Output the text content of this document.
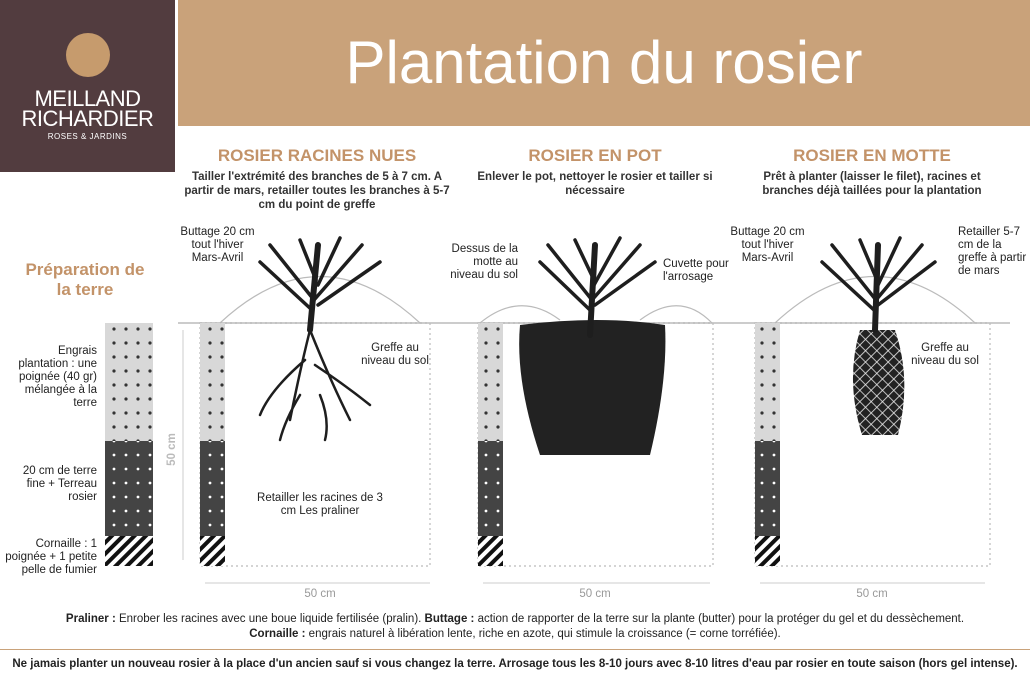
MEILLAND
RICHARDIER
ROSES & JARDINS
Plantation du rosier
ROSIER RACINES NUES
Tailler l'extrémité des branches de 5 à 7 cm. A partir de mars, retailler toutes les branches à 5-7 cm du point de greffe
ROSIER EN POT
Enlever le pot, nettoyer le rosier et tailler si nécessaire
ROSIER EN MOTTE
Prêt à planter (laisser le filet), racines et branches déjà taillées pour la plantation
Préparation de la terre
Engrais plantation : une poignée (40 gr) mélangée à la terre
20 cm de terre fine + Terreau rosier
Cornaille : 1 poignée + 1 petite pelle de fumier
50 cm
Buttage 20 cm tout l'hiver Mars-Avril
Greffe au niveau du sol
Retailler les racines de 3 cm Les praliner
50 cm
Dessus de la motte au niveau du sol
Cuvette pour l'arrosage
50 cm
Buttage 20 cm tout l'hiver Mars-Avril
Retailler 5-7 cm de la greffe à partir de mars
Greffe au niveau du sol
50 cm
Praliner : Enrober les racines avec une boue liquide fertilisée (pralin). Buttage : action de rapporter de la terre sur la plante (butter) pour la protéger du gel et du dessèchement.
Cornaille : engrais naturel à libération lente, riche en azote, qui stimule la croissance (= corne torréfiée).
Ne jamais planter un nouveau rosier à la place d'un ancien sauf si vous changez la terre. Arrosage tous les 8-10 jours avec 8-10 litres d'eau par rosier en toute saison (hors gel intense).
